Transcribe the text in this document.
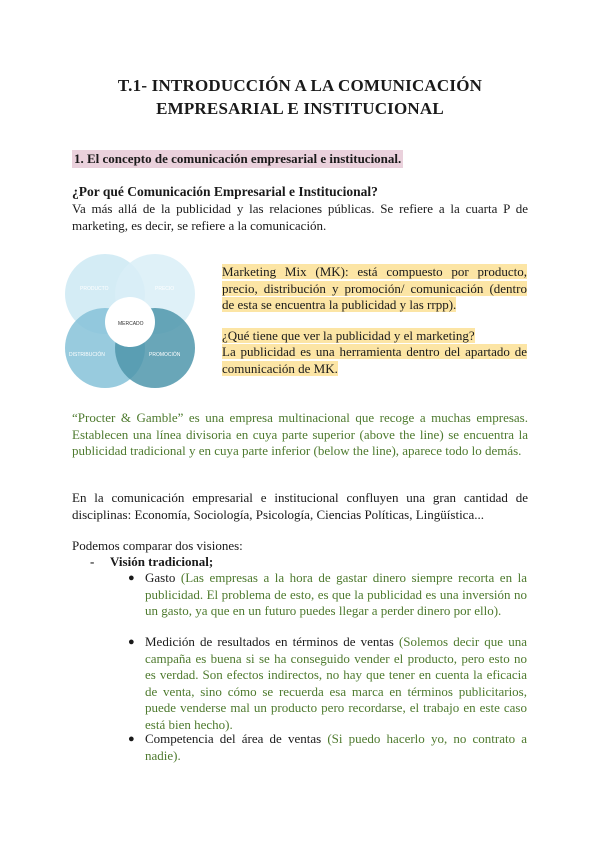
T.1- INTRODUCCIÓN A LA COMUNICACIÓN
EMPRESARIAL E INSTITUCIONAL
1. El concepto de comunicación empresarial e institucional.
¿Por qué Comunicación Empresarial e Institucional?
Va más allá de la publicidad y las relaciones públicas. Se refiere a la cuarta P de marketing, es decir, se refiere a la comunicación.
PRODUCTO	PRECIO
MERCADO
DISTRIBUCIÓN	PROMOCIÓN

Marketing Mix (MK): está compuesto por producto, precio, distribución y promoción/ comunicación (dentro de esta se encuentra la publicidad y las rrpp).

¿Qué tiene que ver la publicidad y el marketing?

La publicidad es una herramienta dentro del apartado de comunicación de MK.

“Procter & Gamble” es una empresa multinacional que recoge a muchas empresas. Establecen una línea divisoria en cuya parte superior (above the line) se encuentra la publicidad tradicional y en cuya parte inferior (below the line), aparece todo lo demás.
En la comunicación empresarial e institucional confluyen una gran cantidad de disciplinas: Economía, Sociología, Psicología, Ciencias Políticas, Lingüística...
Podemos comparar dos visiones:
- Visión tradicional;
● Gasto (Las empresas a la hora de gastar dinero siempre recorta en la publicidad. El problema de esto, es que la publicidad es una inversión no un gasto, ya que en un futuro puedes llegar a perder dinero por ello).
● Medición de resultados en términos de ventas (Solemos decir que una campaña es buena si se ha conseguido vender el producto, pero esto no es verdad. Son efectos indirectos, no hay que tener en cuenta la eficacia de venta, sino cómo se recuerda esa marca en términos publicitarios, puede venderse mal un producto pero recordarse, el trabajo en este caso está bien hecho).
● Competencia del área de ventas (Si puedo hacerlo yo, no contrato a nadie).
